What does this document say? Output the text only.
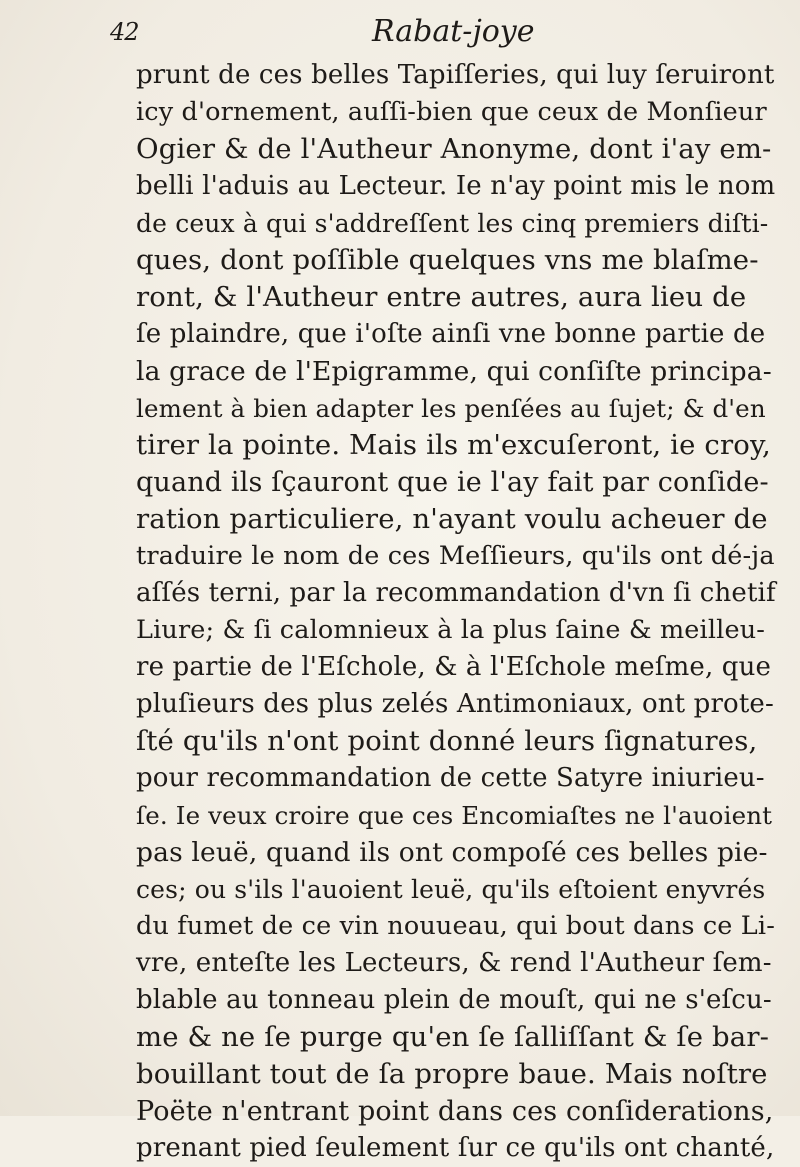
42	Rabat-joye
prunt de ces belles Tapiſſeries, qui luy ſeruiront
icy d'ornement, auſſi-bien que ceux de Monſieur
Ogier & de l'Autheur Anonyme, dont i'ay em-
belli l'aduis au Lecteur. Ie n'ay point mis le nom
de ceux à qui s'addreſſent les cinq premiers diſti-
ques, dont poſſible quelques vns me blaſme-
ront, & l'Autheur entre autres, aura lieu de
ſe plaindre, que i'oſte ainſi vne bonne partie de
la grace de l'Epigramme, qui conſiſte principa-
lement à bien adapter les penſées au ſujet; & d'en
tirer la pointe. Mais ils m'excuſeront, ie croy,
quand ils ſçauront que ie l'ay fait par conſide-
ration particuliere, n'ayant voulu acheuer de
traduire le nom de ces Meſſieurs, qu'ils ont dé-ja
aſſés terni, par la recommandation d'vn ſi chetif
Liure; & ſi calomnieux à la plus ſaine & meilleu-
re partie de l'Eſchole, & à l'Eſchole meſme, que
pluſieurs des plus zelés Antimoniaux, ont prote-
ſté qu'ils n'ont point donné leurs ſignatures,
pour recommandation de cette Satyre iniurieu-
ſe. Ie veux croire que ces Encomiaſtes ne l'auoient
pas leuë, quand ils ont compoſé ces belles pie-
ces; ou s'ils l'auoient leuë, qu'ils eſtoient enyvrés
du fumet de ce vin nouueau, qui bout dans ce Li-
vre, enteſte les Lecteurs, & rend l'Autheur ſem-
blable au tonneau plein de mouſt, qui ne s'eſcu-
me & ne ſe purge qu'en ſe ſalliſſant & ſe bar-
bouillant tout de ſa propre baue. Mais noſtre
Poëte n'entrant point dans ces conſiderations,
prenant pied ſeulement ſur ce qu'ils ont chanté,
